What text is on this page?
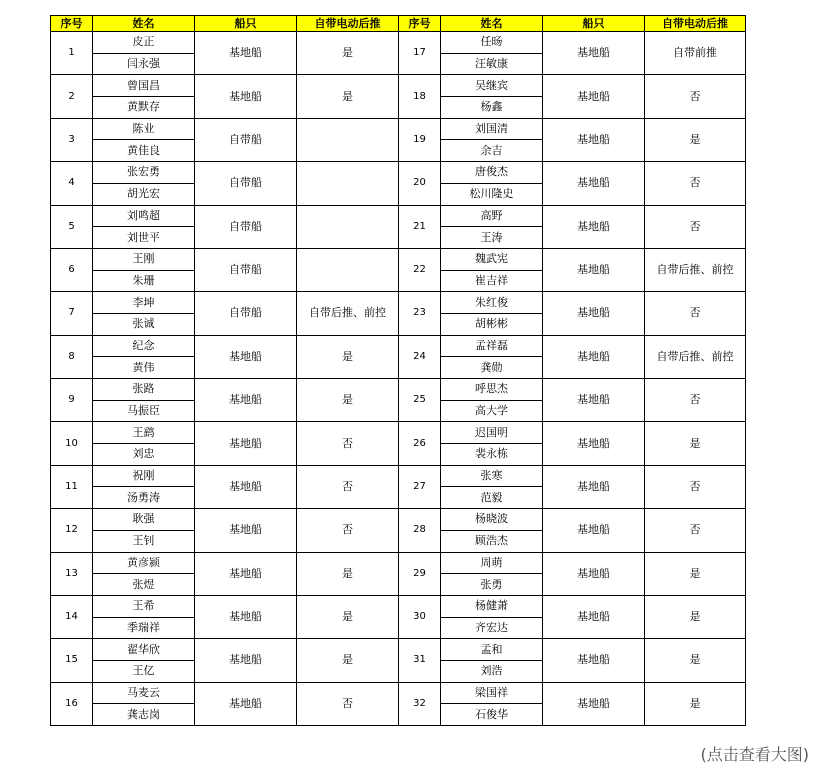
序号	姓名	船只	自带电动后推	序号	姓名	船只	自带电动后推
1	皮正	基地船	是	17	任旸	基地船	自带前推
	闫永强				汪敏康		
2	曾国昌	基地船	是	18	吴继宾	基地船	否
	黄默存				杨鑫		
3	陈业	自带船		19	刘国清	基地船	是
	黄佳良				余吉		
4	张宏勇	自带船		20	唐俊杰	基地船	否
	胡光宏				松川隆史		
5	刘鸣超	自带船		21	高野	基地船	否
	刘世平				王涛		
6	王刚	自带船		22	魏武宪	基地船	自带后推、前控
	朱珊				崔吉祥		
7	李坤	自带船	自带后推、前控	23	朱红俊	基地船	否
	张诚				胡彬彬		
8	纪念	基地船	是	24	孟祥磊	基地船	自带后推、前控
	黄伟				龚勋		
9	张路	基地船	是	25	呼思杰	基地船	否
	马振臣				高大学		
10	王鹞	基地船	否	26	迟国明	基地船	是
	刘忠				裴永栋		
11	祝刚	基地船	否	27	张寒	基地船	否
	汤勇涛				范毅		
12	耿强	基地船	否	28	杨晓波	基地船	否
	王钊				顾浩杰		
13	黄彦颍	基地船	是	29	周萌	基地船	是
	张煜				张勇		
14	王希	基地船	是	30	杨健萧	基地船	是
	季瑞祥				齐宏达		
15	翟华欣	基地船	是	31	孟和	基地船	是
	王亿				刘浩		
16	马麦云	基地船	否	32	梁国祥	基地船	是
	龚志岗				石俊华		
(点击查看大图)
